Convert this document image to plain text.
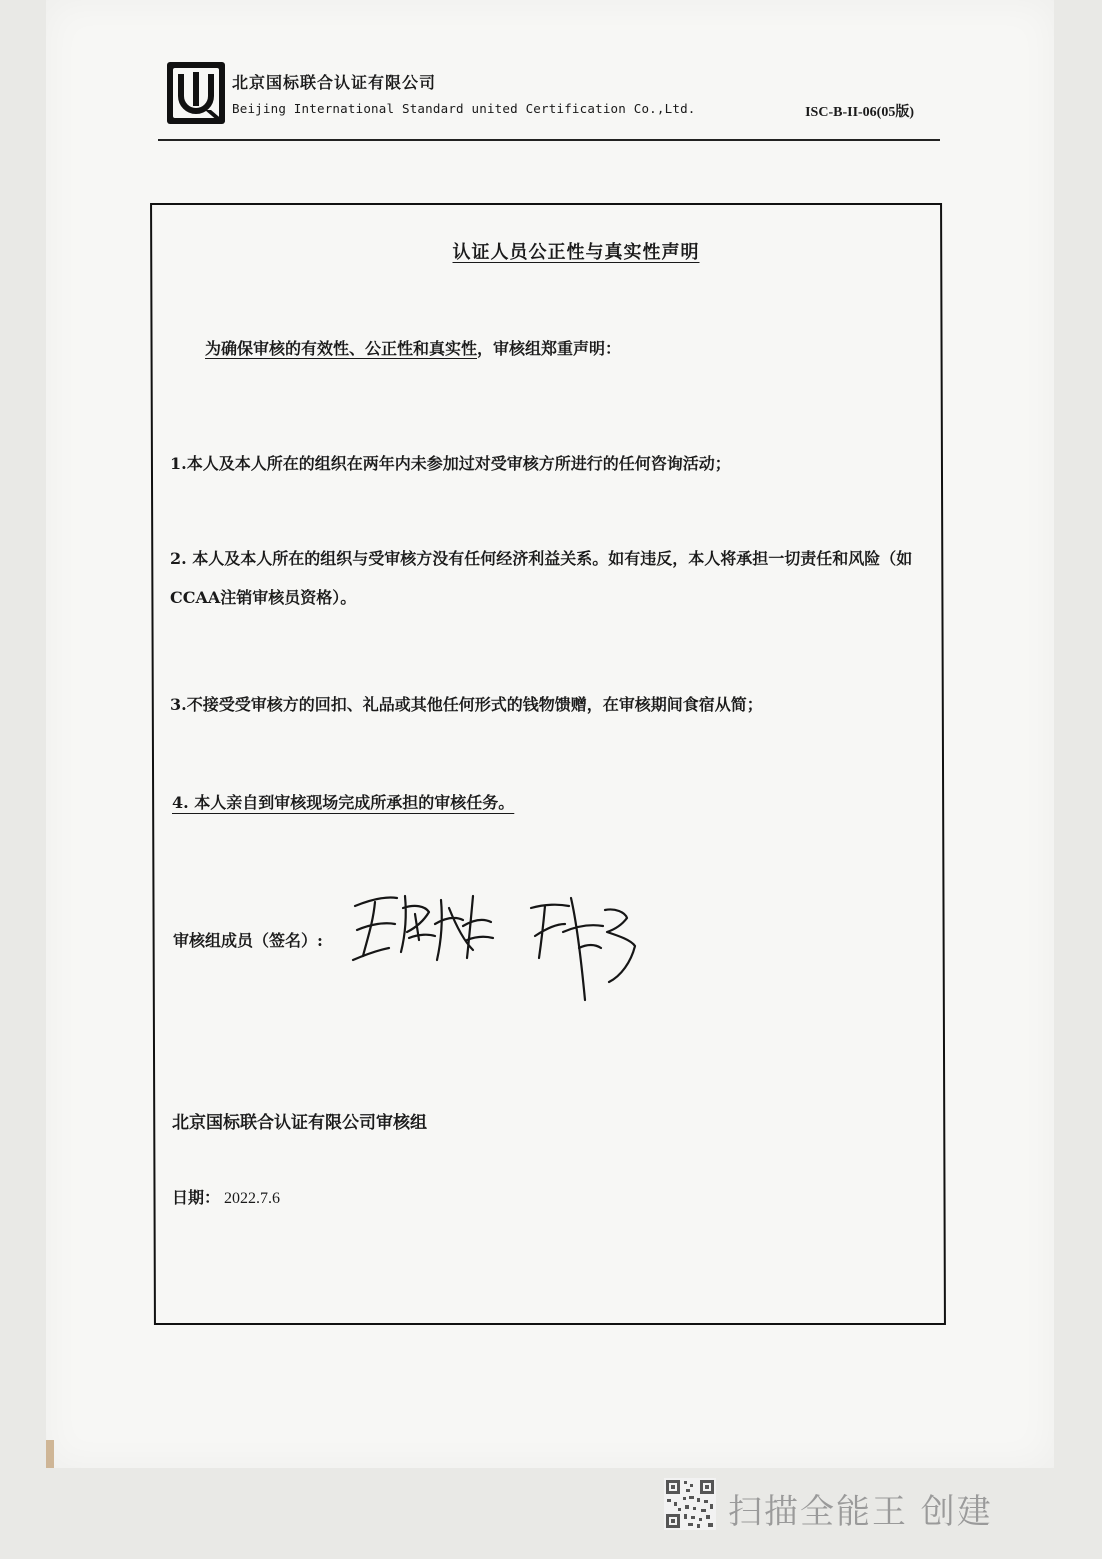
北京国标联合认证有限公司
Beijing International Standard united Certification Co.,Ltd.	ISC-B-II-06(05版)
认证人员公正性与真实性声明
为确保审核的有效性、公正性和真实性，审核组郑重声明：
1.本人及本人所在的组织在两年内未参加过对受审核方所进行的任何咨询活动；
2. 本人及本人所在的组织与受审核方没有任何经济利益关系。如有违反，本人将承担一切责任和风险（如CCAA注销审核员资格）。
3.不接受受审核方的回扣、礼品或其他任何形式的钱物馈赠，在审核期间食宿从简；
4. 本人亲自到审核现场完成所承担的审核任务。
审核组成员（签名）:
北京国标联合认证有限公司审核组
日期： 2022.7.6
扫描全能王 创建
